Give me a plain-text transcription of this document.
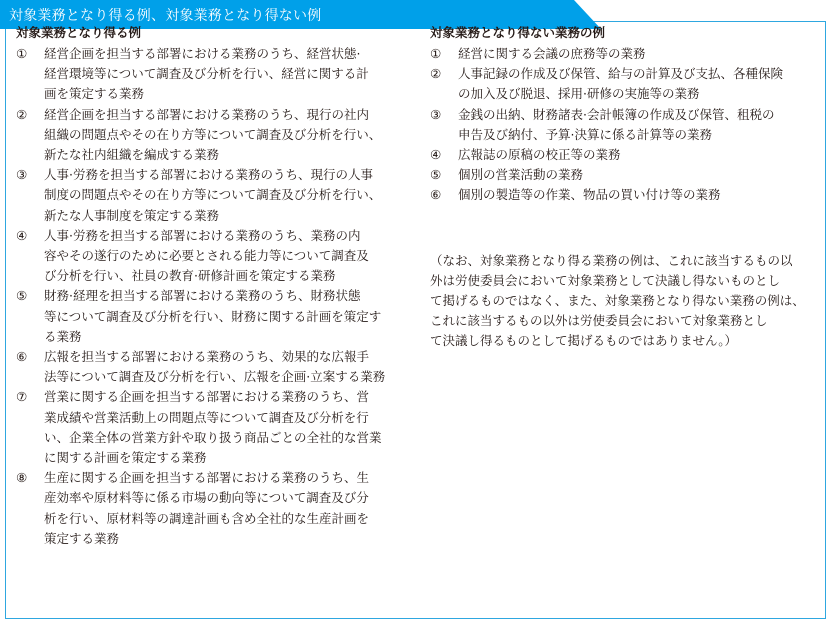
対象業務となり得る例、対象業務となり得ない例
対象業務となり得る例
①	経営企画を担当する部署における業務のうち、経営状態·
経営環境等について調査及び分析を行い、経営に関する計
画を策定する業務
②	経営企画を担当する部署における業務のうち、現行の社内
組織の問題点やその在り方等について調査及び分析を行い、
新たな社内組織を編成する業務
③	人事·労務を担当する部署における業務のうち、現行の人事
制度の問題点やその在り方等について調査及び分析を行い、
新たな人事制度を策定する業務
④	人事·労務を担当する部署における業務のうち、業務の内
容やその遂行のために必要とされる能力等について調査及
び分析を行い、社員の教育·研修計画を策定する業務
⑤	財務·経理を担当する部署における業務のうち、財務状態
等について調査及び分析を行い、財務に関する計画を策定す
る業務
⑥	広報を担当する部署における業務のうち、効果的な広報手
法等について調査及び分析を行い、広報を企画·立案する業務
⑦	営業に関する企画を担当する部署における業務のうち、営
業成績や営業活動上の問題点等について調査及び分析を行
い、企業全体の営業方針や取り扱う商品ごとの全社的な営業
に関する計画を策定する業務
⑧	生産に関する企画を担当する部署における業務のうち、生
産効率や原材料等に係る市場の動向等について調査及び分
析を行い、原材料等の調達計画も含め全社的な生産計画を
策定する業務
対象業務となり得ない業務の例
①	経営に関する会議の庶務等の業務
②	人事記録の作成及び保管、給与の計算及び支払、各種保険
の加入及び脱退、採用·研修の実施等の業務
③	金銭の出納、財務諸表·会計帳簿の作成及び保管、租税の
申告及び納付、予算·決算に係る計算等の業務
④	広報誌の原稿の校正等の業務
⑤	個別の営業活動の業務
⑥	個別の製造等の作業、物品の買い付け等の業務
（なお、対象業務となり得る業務の例は、これに該当するもの以
外は労使委員会において対象業務として決議し得ないものとし
て掲げるものではなく、また、対象業務となり得ない業務の例は、
これに該当するもの以外は労使委員会において対象業務とし
て決議し得るものとして掲げるものではありません。）
